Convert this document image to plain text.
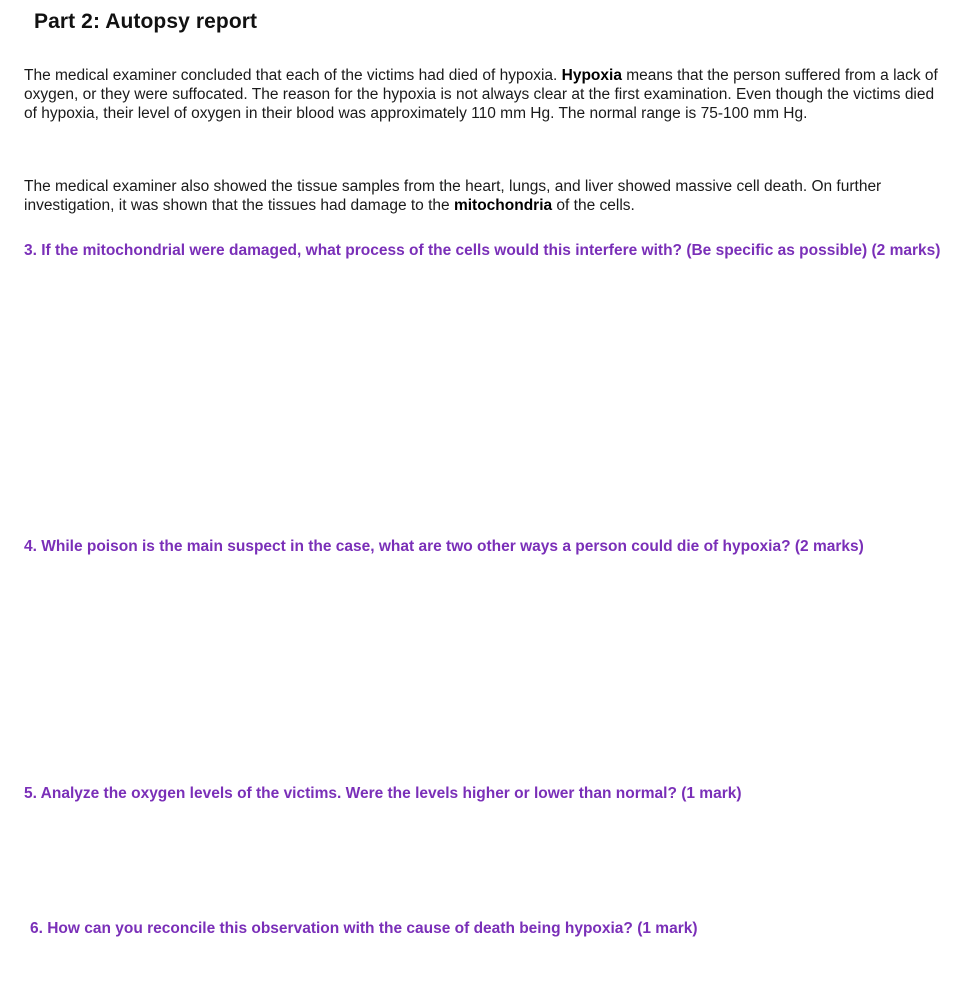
Part 2: Autopsy report

The medical examiner concluded that each of the victims had died of hypoxia. Hypoxia means that the person suffered from a lack of oxygen, or they were suffocated. The reason for the hypoxia is not always clear at the first examination. Even though the victims died of hypoxia, their level of oxygen in their blood was approximately 110 mm Hg. The normal range is 75-100 mm Hg.

The medical examiner also showed the tissue samples from the heart, lungs, and liver showed massive cell death. On further investigation, it was shown that the tissues had damage to the mitochondria of the cells.

3. If the mitochondrial were damaged, what process of the cells would this interfere with? (Be specific as possible) (2 marks)

4. While poison is the main suspect in the case, what are two other ways a person could die of hypoxia? (2 marks)

5. Analyze the oxygen levels of the victims. Were the levels higher or lower than normal? (1 mark)

6. How can you reconcile this observation with the cause of death being hypoxia? (1 mark)
